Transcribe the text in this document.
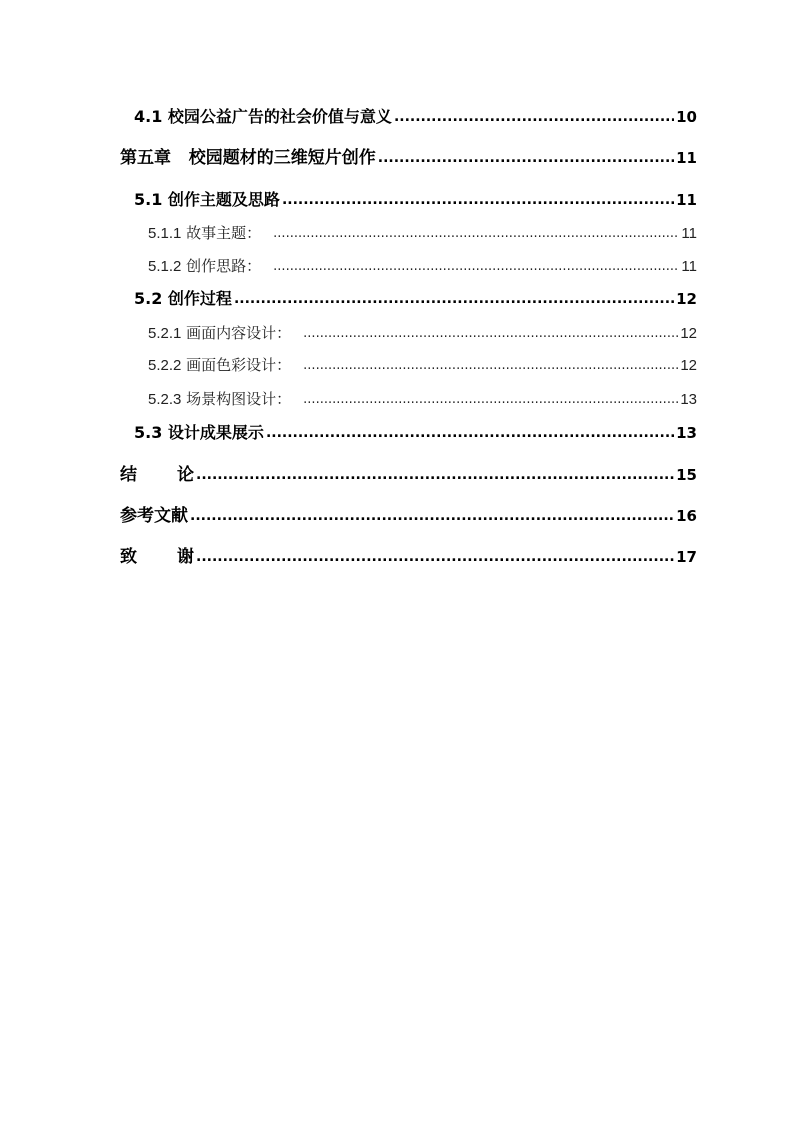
4.1 校园公益广告的社会价值与意义 .....	10
第五章 校园题材的三维短片创作 .....	11
5.1 创作主题及思路 .....	11
5.1.1 故事主题： .....	11
5.1.2 创作思路： .....	11
5.2 创作过程 .....	12
5.2.1 画面内容设计： .....	12
5.2.2 画面色彩设计： .....	12
5.2.3 场景构图设计： .....	13
5.3 设计成果展示 .....	13
结论 .....	15
参考文献 .....	16
致谢 .....	17
